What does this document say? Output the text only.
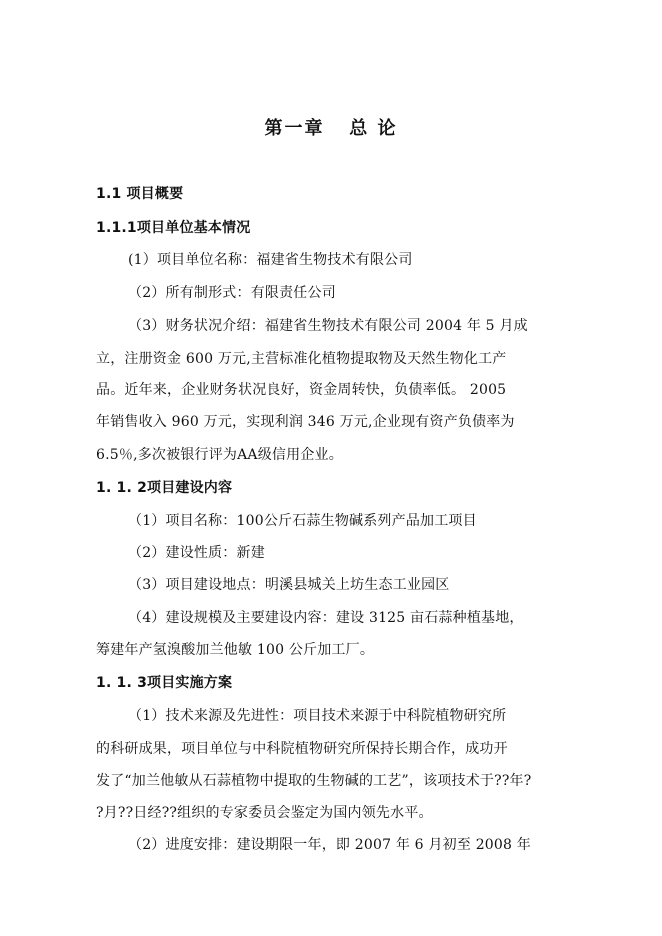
第一章   总 论
1.1 项目概要
1.1.1项目单位基本情况
(1）项目单位名称：福建省生物技术有限公司
（2）所有制形式：有限责任公司
（3）财务状况介绍：福建省生物技术有限公司 2004 年 5 月成
立，注册资金 600 万元,主营标准化植物提取物及天然生物化工产
品。近年来，企业财务状况良好，资金周转快，负债率低。 2005
年销售收入 960 万元，实现利润 346 万元,企业现有资产负债率为
6.5％,多次被银行评为AA级信用企业。
1. 1. 2项目建设内容
（1）项目名称：100公斤石蒜生物碱系列产品加工项目
（2）建设性质：新建
（3）项目建设地点：明溪县城关上坊生态工业园区
（4）建设规模及主要建设内容：建设 3125 亩石蒜种植基地，
筹建年产氢溴酸加兰他敏 100 公斤加工厂。
1. 1. 3项目实施方案
（1）技术来源及先进性：项目技术来源于中科院植物研究所
的科研成果，项目单位与中科院植物研究所保持长期合作，成功开
发了“加兰他敏从石蒜植物中提取的生物碱的工艺”，该项技术于??年?
?月??日经??组织的专家委员会鉴定为国内领先水平。
（2）进度安排：建设期限一年，即 2007 年 6 月初至 2008 年
